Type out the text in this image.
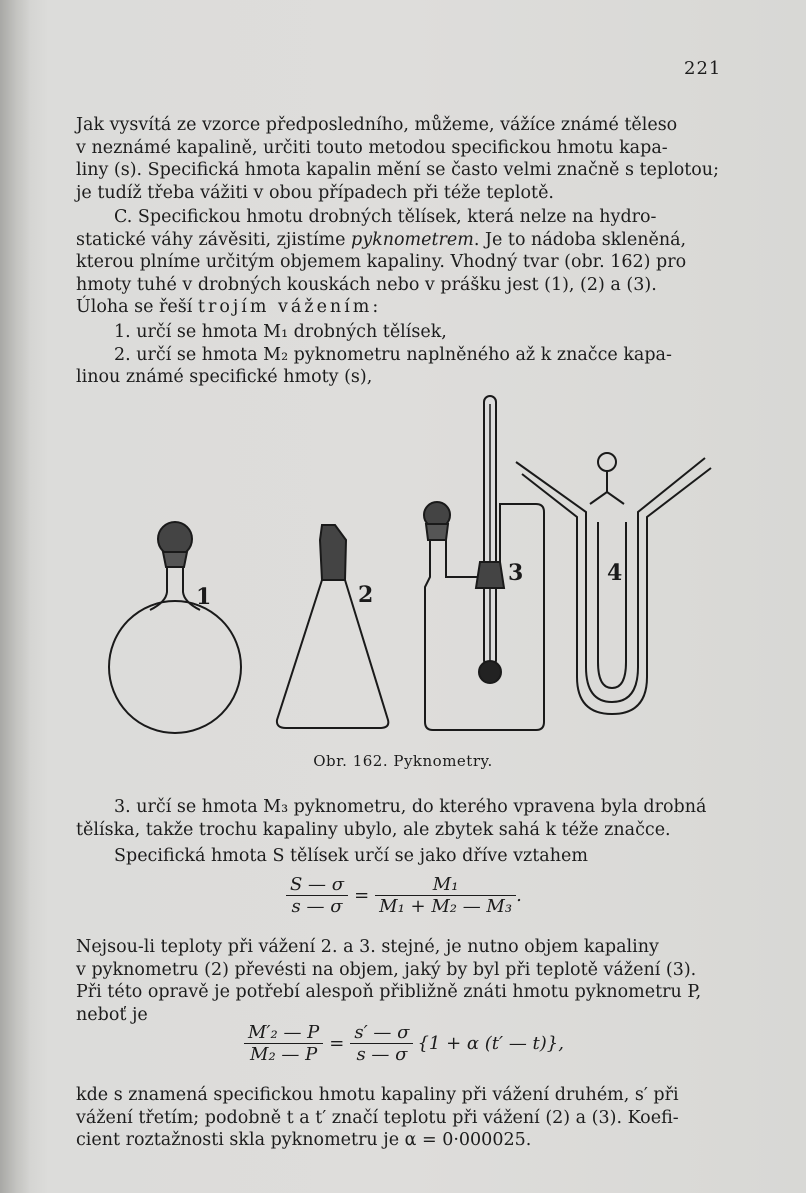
221
Jak vysvítá ze vzorce předposledního, můžeme, vážíce známé těleso
v neznámé kapalině, určiti touto metodou specifickou hmotu kapa-
liny (s). Specifická hmota kapalin mění se často velmi značně s teplotou;
je tudíž třeba vážiti v obou případech při téže teplotě.
C. Specifickou hmotu drobných tělísek, která nelze na hydro-
statické váhy závěsiti, zjistíme pyknometrem. Je to nádoba skleněná,
kterou plníme určitým objemem kapaliny. Vhodný tvar (obr. 162) pro
hmoty tuhé v drobných kouskách nebo v prášku jest (1), (2) a (3).
Úloha se řeší trojím vážením:
1. určí se hmota M₁ drobných tělísek,
2. určí se hmota M₂ pyknometru naplněného až k značce kapa-
linou známé specifické hmoty (s),
1	2
3	4
Obr. 162. Pyknometry.
3. určí se hmota M₃ pyknometru, do kterého vpravena byla drobná
tělíska, takže trochu kapaliny ubylo, ale zbytek sahá k téže značce.
Specifická hmota S tělísek určí se jako dříve vztahem
$\frac{S — \sigma}{s — \sigma} = \frac{\text{M₁}}{\text{M₁ + M₂ — M₃}}$ .
Nejsou-li teploty při vážení 2. a 3. stejné, je nutno objem kapaliny
v pyknometru (2) převésti na objem, jaký by byl při teplotě vážení (3).
Při této opravě je potřebí alespoň přibližně znáti hmotu pyknometru P,
neboť je
$\frac{\text{M′₂ — P}}{\text{M₂ — P}} = \frac{s' — \sigma}{s — \sigma} \{1 + \alpha$ (t′ — t)},
kde s znamená specifickou hmotu kapaliny při vážení druhém, s′ při
vážení třetím; podobně t a t′ značí teplotu při vážení (2) a (3). Koefi-
cient roztažnosti skla pyknometru je α = 0·000025.
